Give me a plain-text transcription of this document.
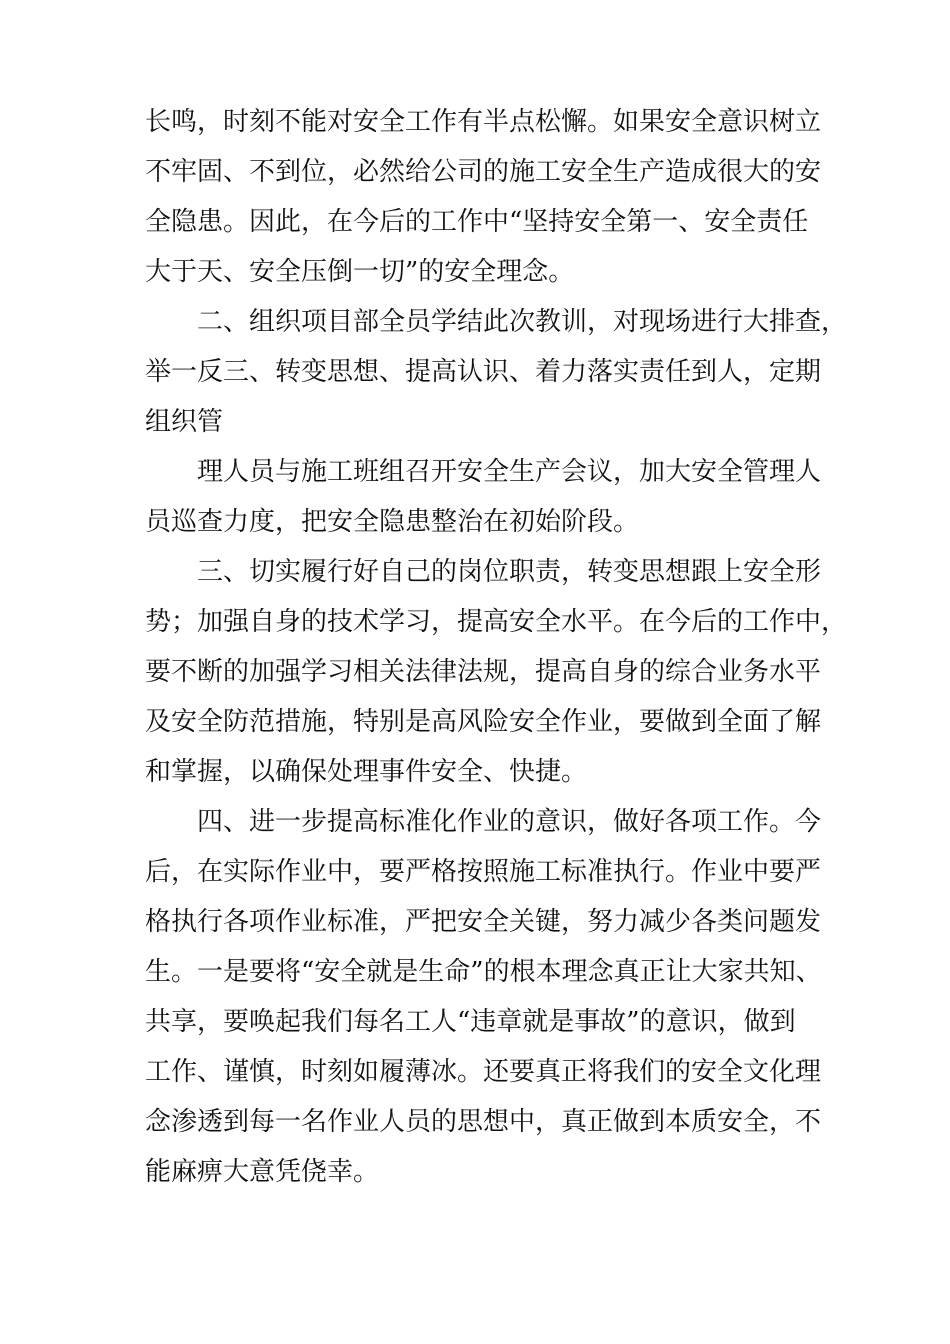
长鸣，时刻不能对安全工作有半点松懈。如果安全意识树立
不牢固、不到位，必然给公司的施工安全生产造成很大的安
全隐患。因此，在今后的工作中“坚持安全第一、安全责任
大于天、安全压倒一切”的安全理念。
二、组织项目部全员学结此次教训，对现场进行大排查，
举一反三、转变思想、提高认识、着力落实责任到人，定期
组织管
理人员与施工班组召开安全生产会议，加大安全管理人
员巡查力度，把安全隐患整治在初始阶段。
三、切实履行好自己的岗位职责，转变思想跟上安全形
势；加强自身的技术学习，提高安全水平。在今后的工作中，
要不断的加强学习相关法律法规，提高自身的综合业务水平
及安全防范措施，特别是高风险安全作业，要做到全面了解
和掌握，以确保处理事件安全、快捷。
四、进一步提高标准化作业的意识，做好各项工作。今
后，在实际作业中，要严格按照施工标准执行。作业中要严
格执行各项作业标准，严把安全关键，努力减少各类问题发
生。一是要将“安全就是生命”的根本理念真正让大家共知、
共享，要唤起我们每名工人“违章就是事故”的意识，做到
工作、谨慎，时刻如履薄冰。还要真正将我们的安全文化理
念渗透到每一名作业人员的思想中，真正做到本质安全，不
能麻痹大意凭侥幸。
